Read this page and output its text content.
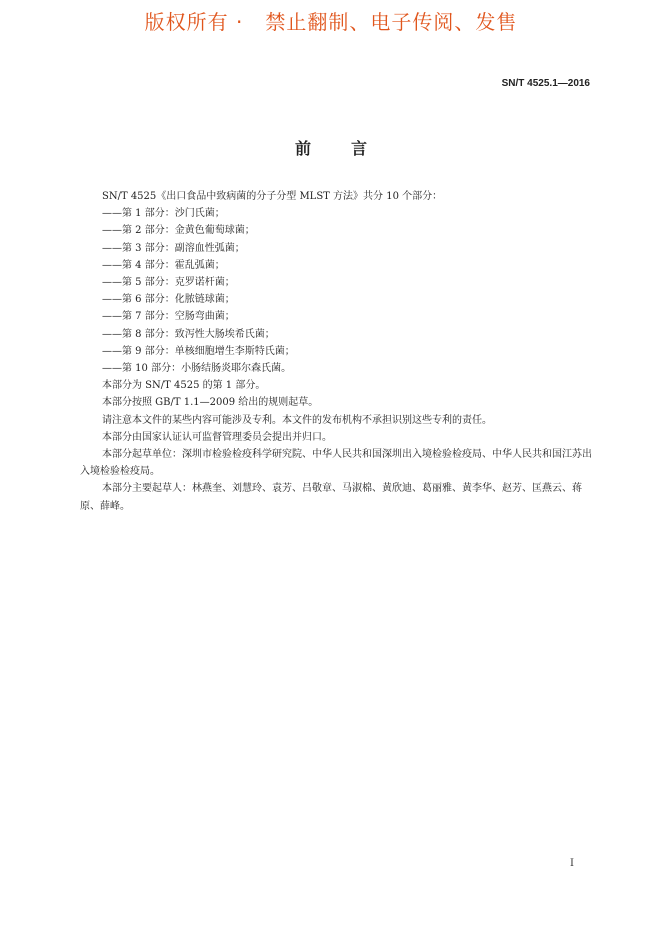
版权所有 ·   禁止翻制、电子传阅、发售
SN/T 4525.1—2016
前言
SN/T 4525《出口食品中致病菌的分子分型 MLST 方法》共分 10 个部分：
——第 1 部分：沙门氏菌；
——第 2 部分：金黄色葡萄球菌；
——第 3 部分：副溶血性弧菌；
——第 4 部分：霍乱弧菌；
——第 5 部分：克罗诺杆菌；
——第 6 部分：化脓链球菌；
——第 7 部分：空肠弯曲菌；
——第 8 部分：致泻性大肠埃希氏菌；
——第 9 部分：单核细胞增生李斯特氏菌；
——第 10 部分：小肠结肠炎耶尔森氏菌。
本部分为 SN/T 4525 的第 1 部分。
本部分按照 GB/T 1.1—2009 给出的规则起草。
请注意本文件的某些内容可能涉及专利。本文件的发布机构不承担识别这些专利的责任。
本部分由国家认证认可监督管理委员会提出并归口。
本部分起草单位：深圳市检验检疫科学研究院、中华人民共和国深圳出入境检验检疫局、中华人民共和国江苏出入境检验检疫局。
本部分主要起草人：林燕奎、刘慧玲、袁芳、吕敬章、马淑棉、黄欣迪、葛丽雅、黄李华、赵芳、匡燕云、蒋原、薛峰。
I
